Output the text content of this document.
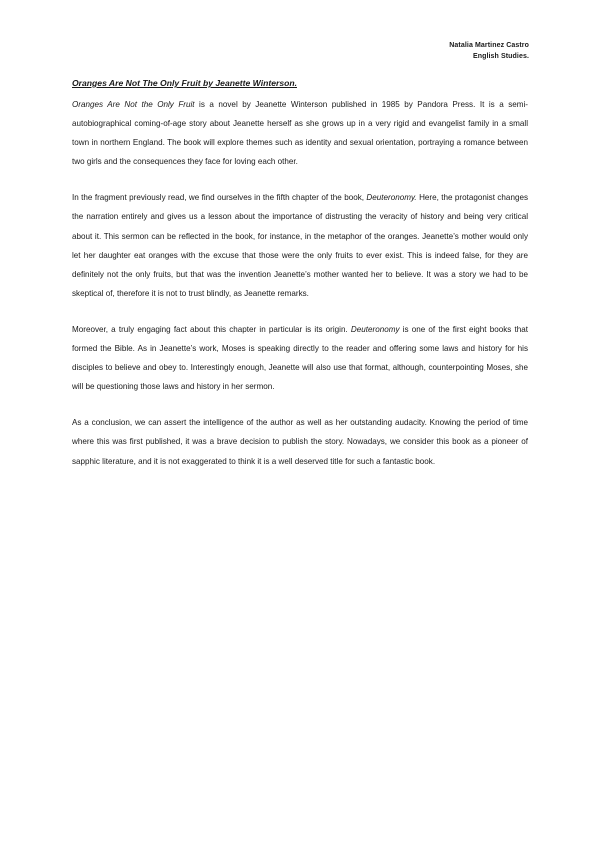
Natalia Martinez Castro
English Studies.
Oranges Are Not The Only Fruit by Jeanette Winterson.

Oranges Are Not the Only Fruit is a novel by Jeanette Winterson published in 1985 by Pandora Press. It is a semi-autobiographical coming-of-age story about Jeanette herself as she grows up in a very rigid and evangelist family in a small town in northern England. The book will explore themes such as identity and sexual orientation, portraying a romance between two girls and the consequences they face for loving each other.

In the fragment previously read, we find ourselves in the fifth chapter of the book, Deuteronomy. Here, the protagonist changes the narration entirely and gives us a lesson about the importance of distrusting the veracity of history and being very critical about it. This sermon can be reflected in the book, for instance, in the metaphor of the oranges. Jeanette’s mother would only let her daughter eat oranges with the excuse that those were the only fruits to ever exist. This is indeed false, for they are definitely not the only fruits, but that was the invention Jeanette’s mother wanted her to believe. It was a story we had to be skeptical of, therefore it is not to trust blindly, as Jeanette remarks.

Moreover, a truly engaging fact about this chapter in particular is its origin. Deuteronomy is one of the first eight books that formed the Bible. As in Jeanette’s work, Moses is speaking directly to the reader and offering some laws and history for his disciples to believe and obey to. Interestingly enough, Jeanette will also use that format, although, counterpointing Moses, she will be questioning those laws and history in her sermon.

As a conclusion, we can assert the intelligence of the author as well as her outstanding audacity. Knowing the period of time where this was first published, it was a brave decision to publish the story. Nowadays, we consider this book as a pioneer of sapphic literature, and it is not exaggerated to think it is a well deserved title for such a fantastic book.
